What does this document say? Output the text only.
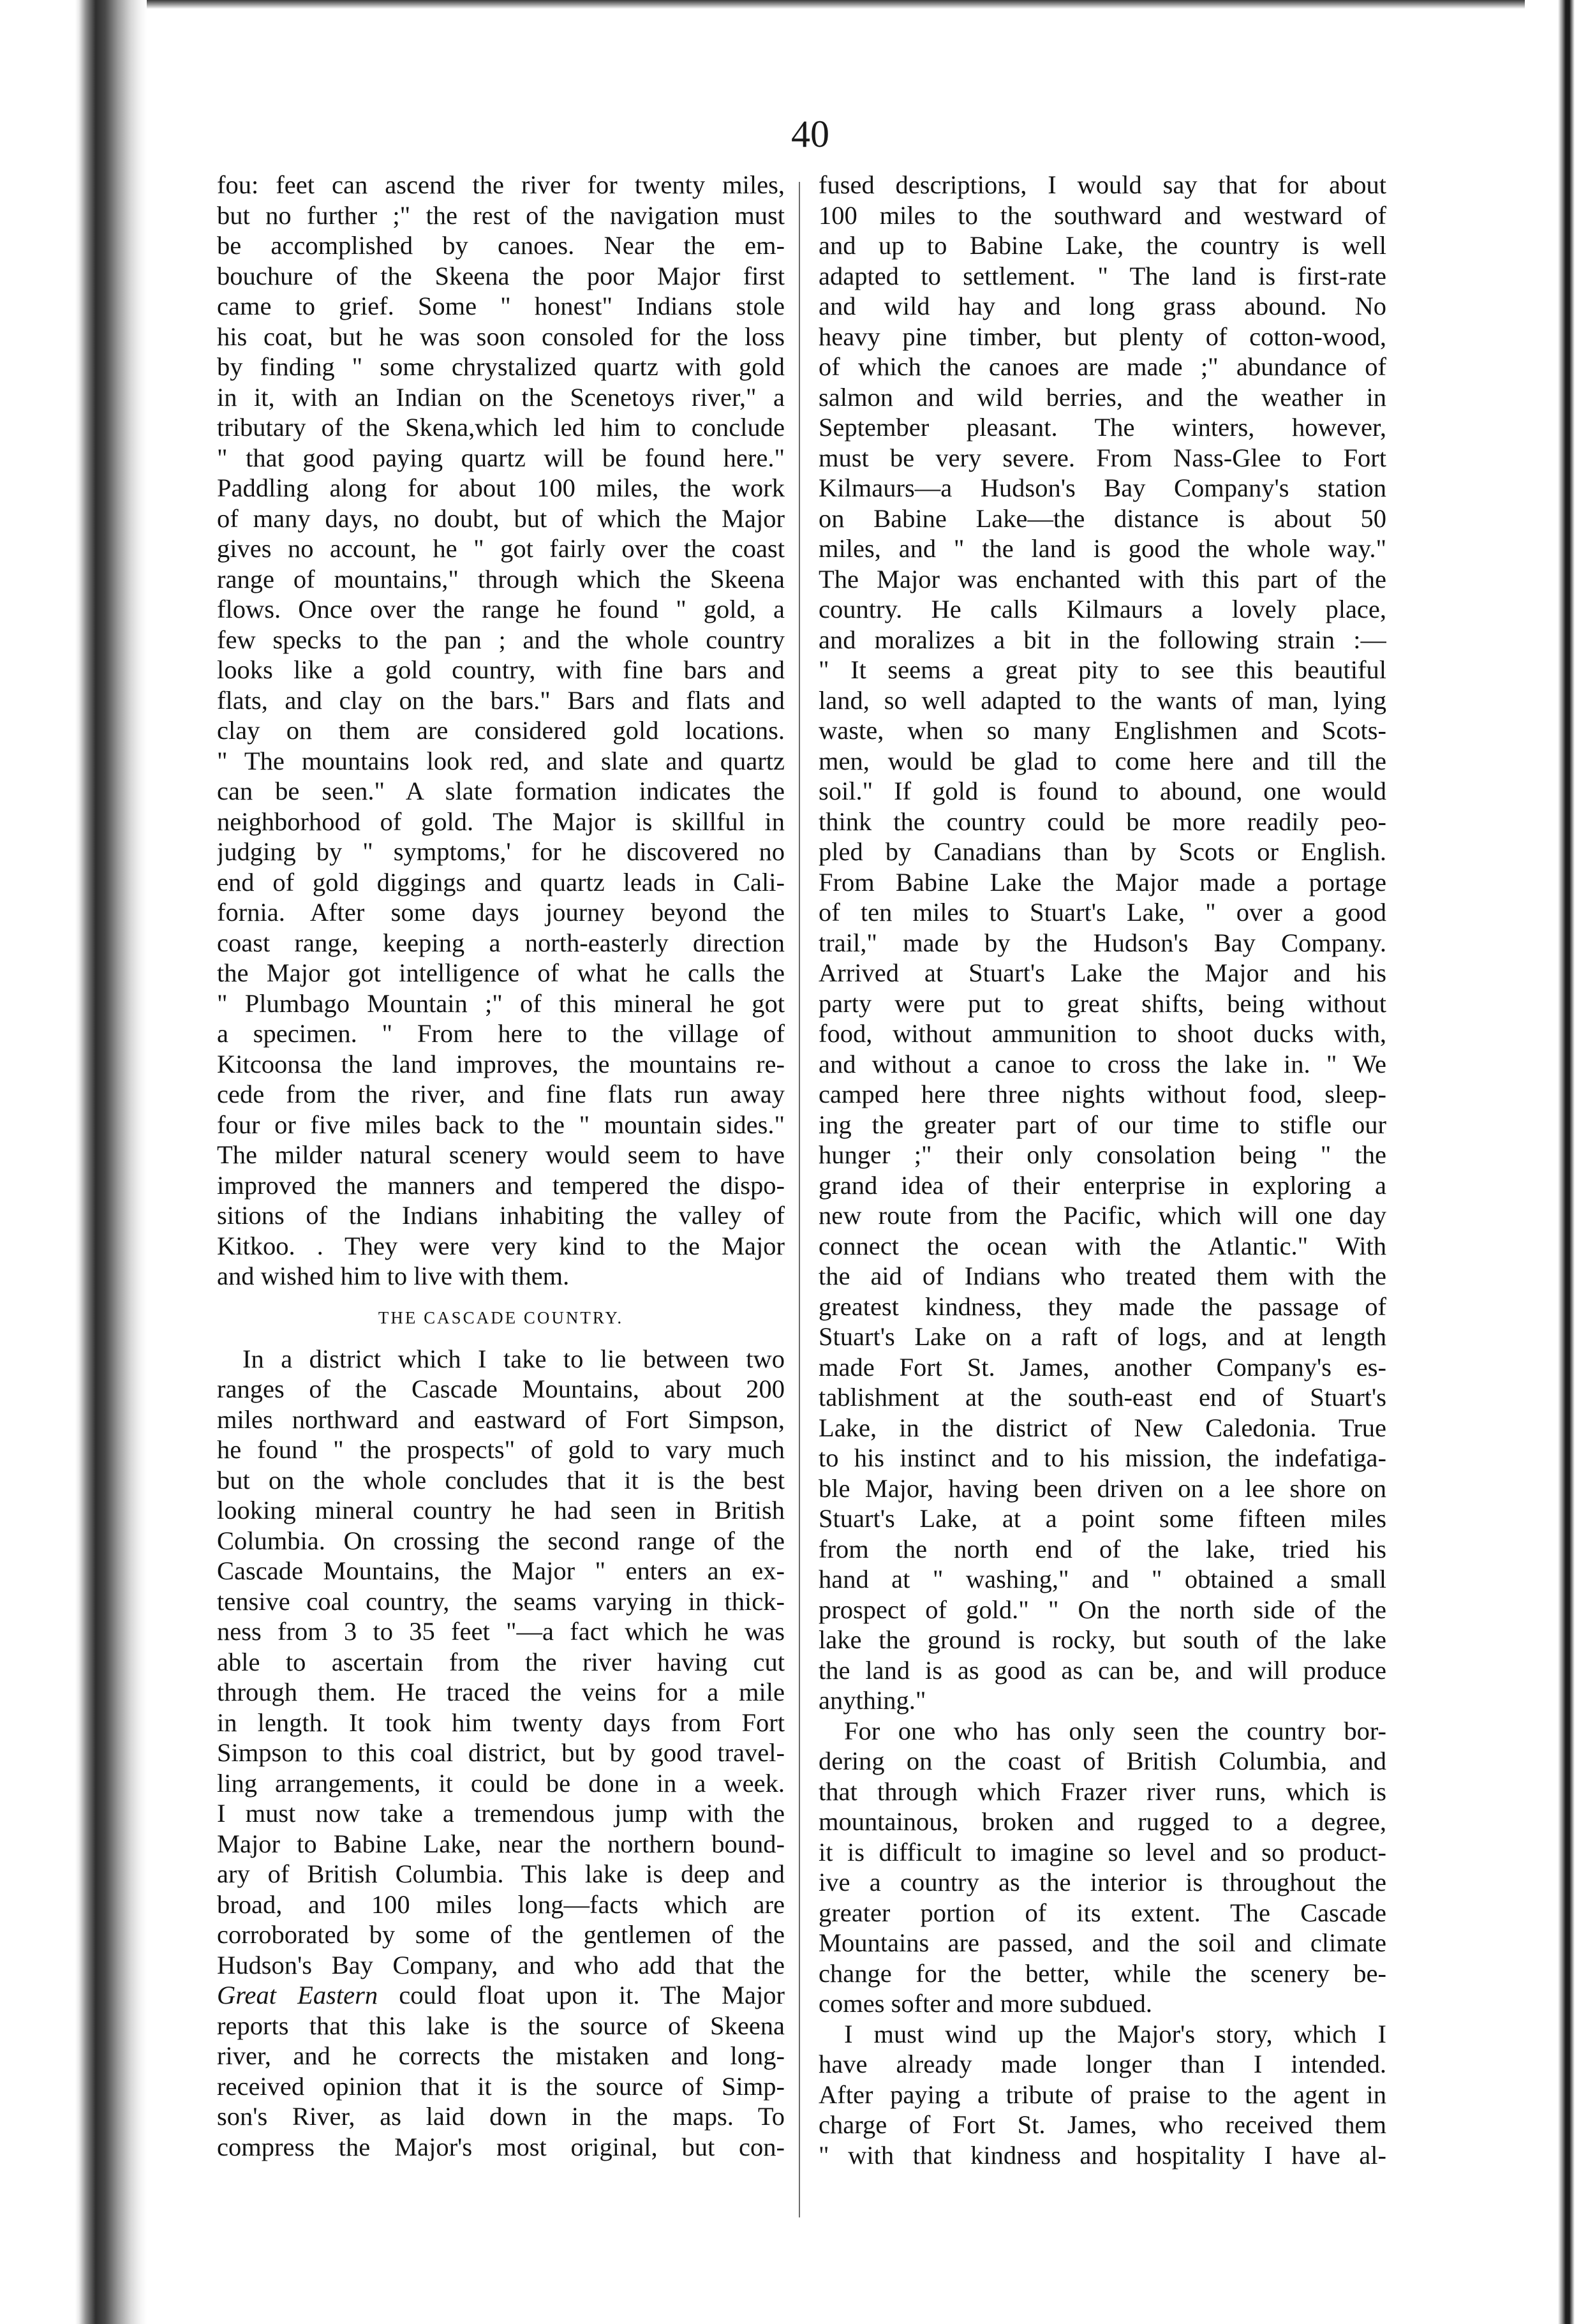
40
fou: feet can ascend the river for twenty miles,
but no further ;" the rest of the navigation must
be accomplished by canoes. Near the em-
bouchure of the Skeena the poor Major first
came to grief. Some " honest" Indians stole
his coat, but he was soon consoled for the loss
by finding " some chrystalized quartz with gold
in it, with an Indian on the Scenetoys river," a
tributary of the Skena,which led him to conclude
" that good paying quartz will be found here."
Paddling along for about 100 miles, the work
of many days, no doubt, but of which the Major
gives no account, he " got fairly over the coast
range of mountains," through which the Skeena
flows. Once over the range he found " gold, a
few specks to the pan ; and the whole country
looks like a gold country, with fine bars and
flats, and clay on the bars." Bars and flats and
clay on them are considered gold locations.
" The mountains look red, and slate and quartz
can be seen." A slate formation indicates the
neighborhood of gold. The Major is skillful in
judging by " symptoms,' for he discovered no
end of gold diggings and quartz leads in Cali-
fornia. After some days journey beyond the
coast range, keeping a north-easterly direction
the Major got intelligence of what he calls the
" Plumbago Mountain ;" of this mineral he got
a specimen. " From here to the village of
Kitcoonsa the land improves, the mountains re-
cede from the river, and fine flats run away
four or five miles back to the " mountain sides."
The milder natural scenery would seem to have
improved the manners and tempered the dispo-
sitions of the Indians inhabiting the valley of
Kitkoo. . They were very kind to the Major
and wished him to live with them.
THE CASCADE COUNTRY.
In a district which I take to lie between two
ranges of the Cascade Mountains, about 200
miles northward and eastward of Fort Simpson,
he found " the prospects" of gold to vary much
but on the whole concludes that it is the best
looking mineral country he had seen in British
Columbia. On crossing the second range of the
Cascade Mountains, the Major " enters an ex-
tensive coal country, the seams varying in thick-
ness from 3 to 35 feet "—a fact which he was
able to ascertain from the river having cut
through them. He traced the veins for a mile
in length. It took him twenty days from Fort
Simpson to this coal district, but by good travel-
ling arrangements, it could be done in a week.
I must now take a tremendous jump with the
Major to Babine Lake, near the northern bound-
ary of British Columbia. This lake is deep and
broad, and 100 miles long—facts which are
corroborated by some of the gentlemen of the
Hudson's Bay Company, and who add that the
Great Eastern could float upon it. The Major
reports that this lake is the source of Skeena
river, and he corrects the mistaken and long-
received opinion that it is the source of Simp-
son's River, as laid down in the maps. To
compress the Major's most original, but con-
fused descriptions, I would say that for about
100 miles to the southward and westward of
and up to Babine Lake, the country is well
adapted to settlement. " The land is first-rate
and wild hay and long grass abound. No
heavy pine timber, but plenty of cotton-wood,
of which the canoes are made ;" abundance of
salmon and wild berries, and the weather in
September pleasant. The winters, however,
must be very severe. From Nass-Glee to Fort
Kilmaurs—a Hudson's Bay Company's station
on Babine Lake—the distance is about 50
miles, and " the land is good the whole way."
The Major was enchanted with this part of the
country. He calls Kilmaurs a lovely place,
and moralizes a bit in the following strain :—
" It seems a great pity to see this beautiful
land, so well adapted to the wants of man, lying
waste, when so many Englishmen and Scots-
men, would be glad to come here and till the
soil." If gold is found to abound, one would
think the country could be more readily peo-
pled by Canadians than by Scots or English.
From Babine Lake the Major made a portage
of ten miles to Stuart's Lake, " over a good
trail," made by the Hudson's Bay Company.
Arrived at Stuart's Lake the Major and his
party were put to great shifts, being without
food, without ammunition to shoot ducks with,
and without a canoe to cross the lake in. " We
camped here three nights without food, sleep-
ing the greater part of our time to stifle our
hunger ;" their only consolation being " the
grand idea of their enterprise in exploring a
new route from the Pacific, which will one day
connect the ocean with the Atlantic." With
the aid of Indians who treated them with the
greatest kindness, they made the passage of
Stuart's Lake on a raft of logs, and at length
made Fort St. James, another Company's es-
tablishment at the south-east end of Stuart's
Lake, in the district of New Caledonia. True
to his instinct and to his mission, the indefatiga-
ble Major, having been driven on a lee shore on
Stuart's Lake, at a point some fifteen miles
from the north end of the lake, tried his
hand at " washing," and " obtained a small
prospect of gold." " On the north side of the
lake the ground is rocky, but south of the lake
the land is as good as can be, and will produce
anything."
For one who has only seen the country bor-
dering on the coast of British Columbia, and
that through which Frazer river runs, which is
mountainous, broken and rugged to a degree,
it is difficult to imagine so level and so product-
ive a country as the interior is throughout the
greater portion of its extent. The Cascade
Mountains are passed, and the soil and climate
change for the better, while the scenery be-
comes softer and more subdued.
I must wind up the Major's story, which I
have already made longer than I intended.
After paying a tribute of praise to the agent in
charge of Fort St. James, who received them
" with that kindness and hospitality I have al-
